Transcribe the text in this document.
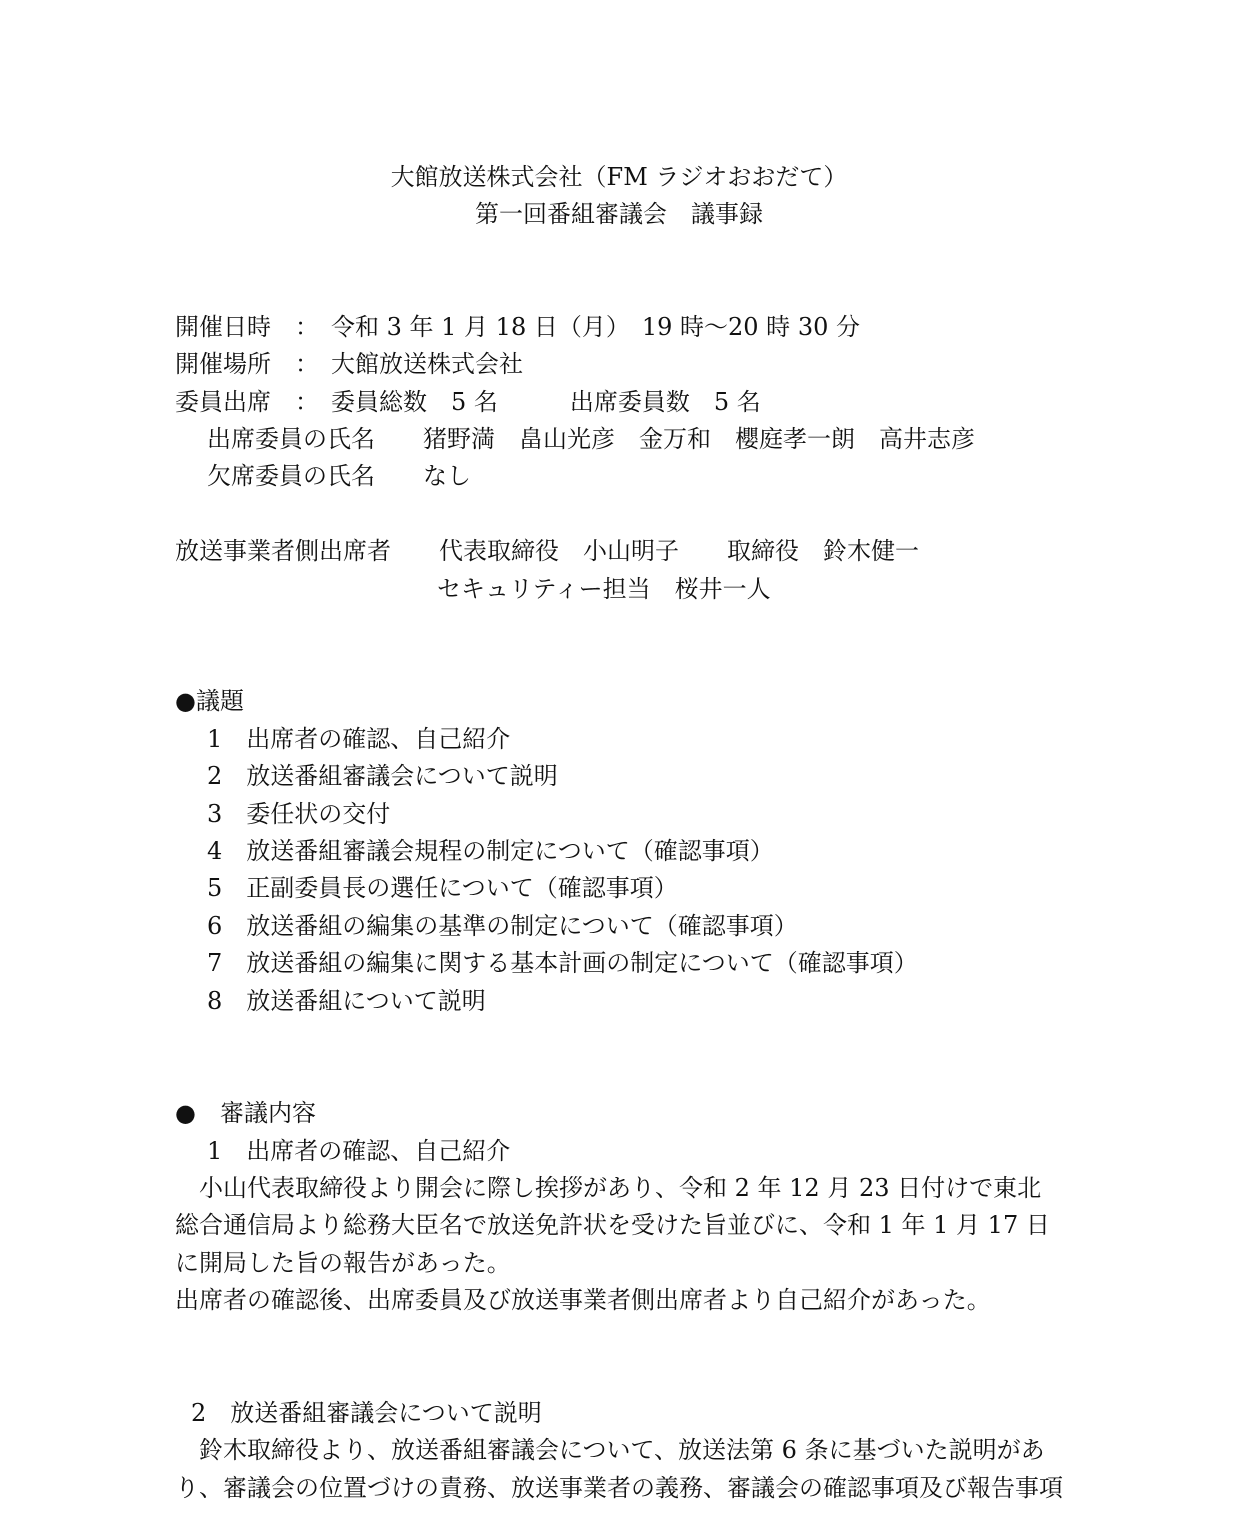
大館放送株式会社（FM ラジオおおだて）

第一回番組審議会　議事録

開催日時　：　令和 3 年 1 月 18 日（月）　19 時～20 時 30 分

開催場所　：　大館放送株式会社

委員出席　：　委員総数　5 名　　　出席委員数　5 名

出席委員の氏名　　猪野満　畠山光彦　金万和　櫻庭孝一朗　高井志彦

欠席委員の氏名　　なし

放送事業者側出席者　　代表取締役　小山明子　　取締役　鈴木健一

セキュリティー担当　桜井一人

●議題

1　出席者の確認、自己紹介

2　放送番組審議会について説明

3　委任状の交付

4　放送番組審議会規程の制定について（確認事項）

5　正副委員長の選任について（確認事項）

6　放送番組の編集の基準の制定について（確認事項）

7　放送番組の編集に関する基本計画の制定について（確認事項）

8　放送番組について説明

●　審議内容

1　出席者の確認、自己紹介

　小山代表取締役より開会に際し挨拶があり、令和 2 年 12 月 23 日付けで東北

総合通信局より総務大臣名で放送免許状を受けた旨並びに、令和 1 年 1 月 17 日

に開局した旨の報告があった。

出席者の確認後、出席委員及び放送事業者側出席者より自己紹介があった。

2　放送番組審議会について説明

　鈴木取締役より、放送番組審議会について、放送法第 6 条に基づいた説明があ

り、審議会の位置づけの責務、放送事業者の義務、審議会の確認事項及び報告事項
